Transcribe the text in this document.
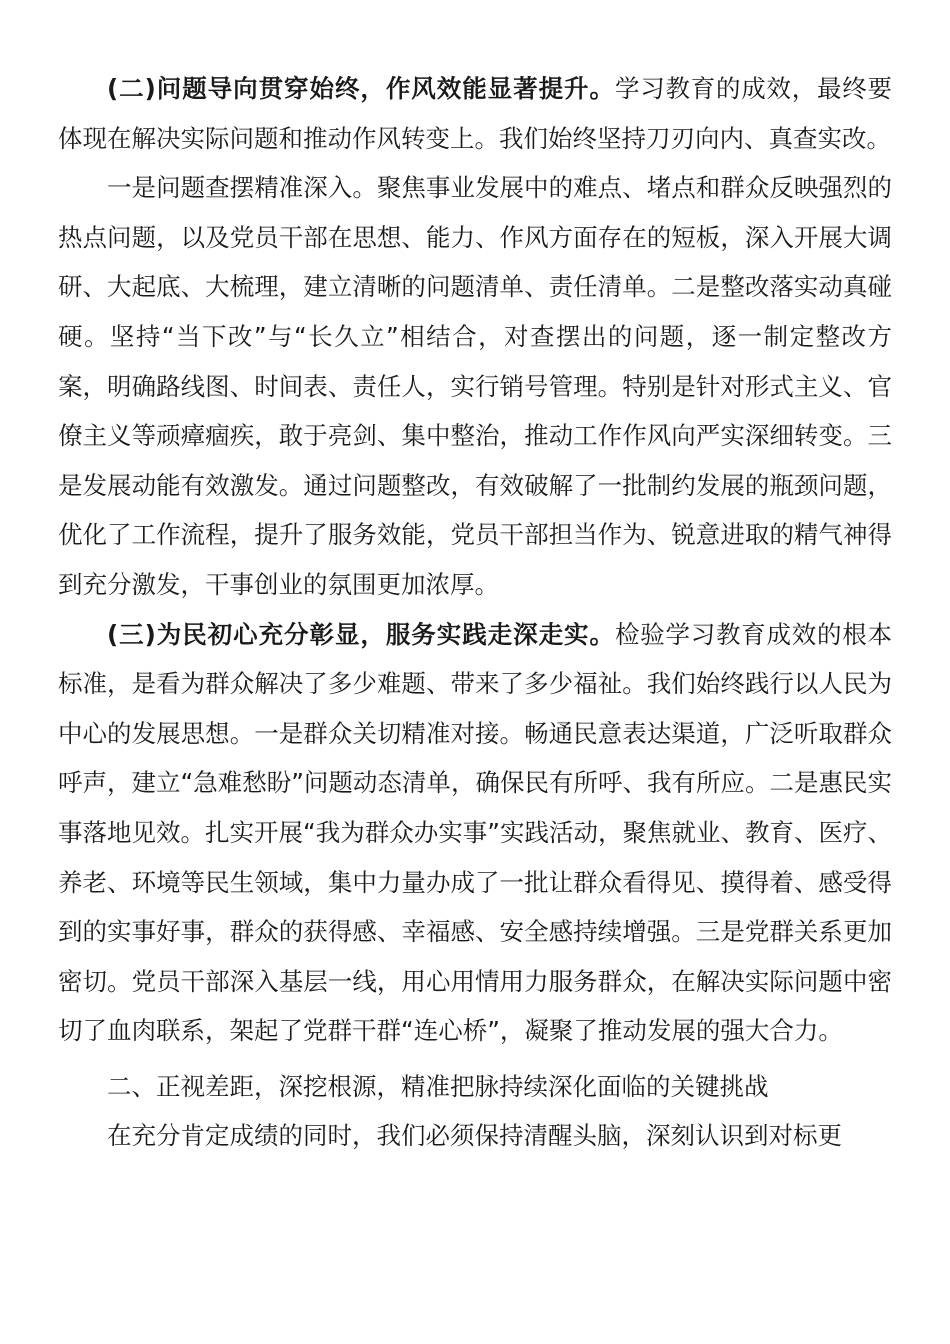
(二)问题导向贯穿始终，作风效能显著提升。学习教育的成效，最终要体现在解决实际问题和推动作风转变上。我们始终坚持刀刃向内、真查实改。

一是问题查摆精准深入。聚焦事业发展中的难点、堵点和群众反映强烈的热点问题，以及党员干部在思想、能力、作风方面存在的短板，深入开展大调研、大起底、大梳理，建立清晰的问题清单、责任清单。二是整改落实动真碰硬。坚持“当下改”与“长久立”相结合，对查摆出的问题，逐一制定整改方案，明确路线图、时间表、责任人，实行销号管理。特别是针对形式主义、官僚主义等顽瘴痼疾，敢于亮剑、集中整治，推动工作作风向严实深细转变。三是发展动能有效激发。通过问题整改，有效破解了一批制约发展的瓶颈问题，优化了工作流程，提升了服务效能，党员干部担当作为、锐意进取的精气神得到充分激发，干事创业的氛围更加浓厚。

(三)为民初心充分彰显，服务实践走深走实。检验学习教育成效的根本标准，是看为群众解决了多少难题、带来了多少福祉。我们始终践行以人民为中心的发展思想。一是群众关切精准对接。畅通民意表达渠道，广泛听取群众呼声，建立“急难愁盼”问题动态清单，确保民有所呼、我有所应。二是惠民实事落地见效。扎实开展“我为群众办实事”实践活动，聚焦就业、教育、医疗、养老、环境等民生领域，集中力量办成了一批让群众看得见、摸得着、感受得到的实事好事，群众的获得感、幸福感、安全感持续增强。三是党群关系更加密切。党员干部深入基层一线，用心用情用力服务群众，在解决实际问题中密切了血肉联系，架起了党群干群“连心桥”，凝聚了推动发展的强大合力。

二、正视差距，深挖根源，精准把脉持续深化面临的关键挑战

在充分肯定成绩的同时，我们必须保持清醒头脑，深刻认识到对标更
